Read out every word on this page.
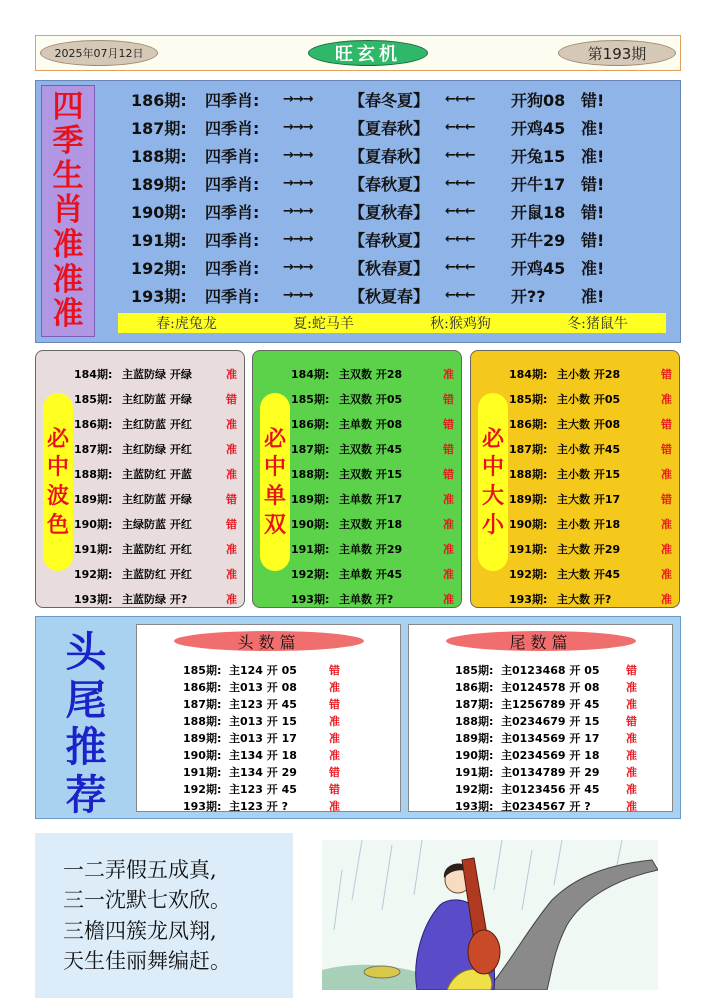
2025年07月12日	旺玄机	第193期
四
季
生
肖
准
准
准
186期:	四季肖:	→→→	【春冬夏】	←←←	开狗08 错!
187期:	四季肖:	→→→	【夏春秋】	←←←	开鸡45 准!
188期:	四季肖:	→→→	【夏春秋】	←←←	开兔15 准!
189期:	四季肖:	→→→	【春秋夏】	←←←	开牛17 错!
190期:	四季肖:	→→→	【夏秋春】	←←←	开鼠18 错!
191期:	四季肖:	→→→	【春秋夏】	←←←	开牛29 错!
192期:	四季肖:	→→→	【秋春夏】	←←←	开鸡45 准!
193期:	四季肖:	→→→	【秋夏春】	←←←	开??	准!
春:虎兔龙	夏:蛇马羊	秋:猴鸡狗	冬:猪鼠牛
必
中
波
色
184期: 主蓝防绿 开绿	准
185期: 主红防蓝 开绿	错
186期: 主红防蓝 开红	准
187期: 主红防绿 开红	准
188期: 主蓝防红 开蓝	准
189期: 主红防蓝 开绿	错
190期: 主绿防蓝 开红	错
191期: 主蓝防红 开红	准
192期: 主蓝防红 开红	准
193期: 主蓝防绿 开?	准
必
中
单
双
184期: 主双数 开28	准
185期: 主双数 开05	错
186期: 主单数 开08	错
187期: 主双数 开45	错
188期: 主双数 开15	错
189期: 主单数 开17	准
190期: 主双数 开18	准
191期: 主单数 开29	准
192期: 主单数 开45	准
193期: 主单数 开?	准
必
中
大
小
184期: 主小数 开28	错
185期: 主小数 开05	准
186期: 主大数 开08	错
187期: 主小数 开45	错
188期: 主小数 开15	准
189期: 主大数 开17	错
190期: 主小数 开18	准
191期: 主大数 开29	准
192期: 主大数 开45	准
193期: 主大数 开?	准
头
尾
推
荐
头数篇
185期: 主124 开 05	错
186期: 主013 开 08	准
187期: 主123 开 45	错
188期: 主013 开 15	准
189期: 主013 开 17	准
190期: 主134 开 18	准
191期: 主134 开 29	错
192期: 主123 开 45	错
193期: 主123 开 ?	准
尾数篇
185期: 主0123468 开 05	错
186期: 主0124578 开 08	准
187期: 主1256789 开 45	准
188期: 主0234679 开 15	错
189期: 主0134569 开 17	准
190期: 主0234569 开 18	准
191期: 主0134789 开 29	准
192期: 主0123456 开 45	准
193期: 主0234567 开 ?	准
一二弄假五成真,
三一沈默七欢欣。
三檐四簇龙凤翔,
天生佳丽舞编赶。
